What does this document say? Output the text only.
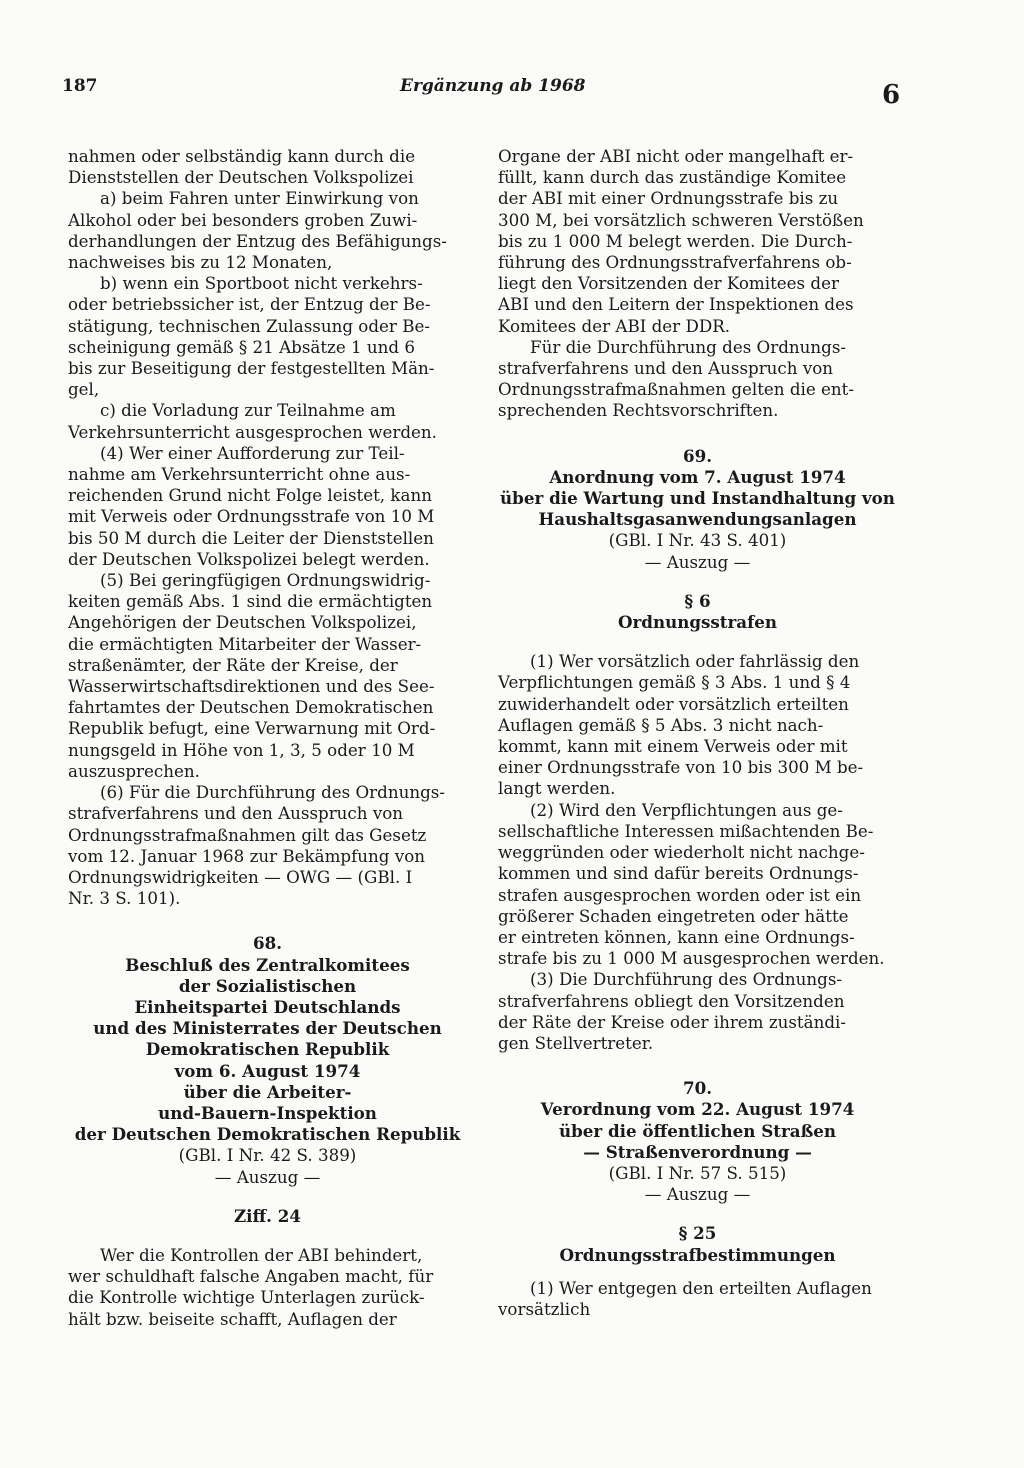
187	Ergänzung ab 1968	6

nahmen oder selbständig kann durch die
Dienststellen der Deutschen Volkspolizei

a) beim Fahren unter Einwirkung von
Alkohol oder bei besonders groben Zuwi-
derhandlungen der Entzug des Befähigungs-
nachweises bis zu 12 Monaten,

b) wenn ein Sportboot nicht verkehrs-
oder betriebssicher ist, der Entzug der Be-
stätigung, technischen Zulassung oder Be-
scheinigung gemäß § 21 Absätze 1 und 6
bis zur Beseitigung der festgestellten Män-
gel,

c) die Vorladung zur Teilnahme am
Verkehrsunterricht ausgesprochen werden.

(4) Wer einer Aufforderung zur Teil-
nahme am Verkehrsunterricht ohne aus-
reichenden Grund nicht Folge leistet, kann
mit Verweis oder Ordnungsstrafe von 10 M
bis 50 M durch die Leiter der Dienststellen
der Deutschen Volkspolizei belegt werden.

(5) Bei geringfügigen Ordnungswidrig-
keiten gemäß Abs. 1 sind die ermächtigten
Angehörigen der Deutschen Volkspolizei,
die ermächtigten Mitarbeiter der Wasser-
straßenämter, der Räte der Kreise, der
Wasserwirtschaftsdirektionen und des See-
fahrtamtes der Deutschen Demokratischen
Republik befugt, eine Verwarnung mit Ord-
nungsgeld in Höhe von 1, 3, 5 oder 10 M
auszusprechen.

(6) Für die Durchführung des Ordnungs-
strafverfahrens und den Ausspruch von
Ordnungsstrafmaßnahmen gilt das Gesetz
vom 12. Januar 1968 zur Bekämpfung von
Ordnungswidrigkeiten — OWG — (GBl. I
Nr. 3 S. 101).

68.
Beschluß des Zentralkomitees
der Sozialistischen
Einheitspartei Deutschlands
und des Ministerrates der Deutschen
Demokratischen Republik
vom 6. August 1974
über die Arbeiter-
und-Bauern-Inspektion
der Deutschen Demokratischen Republik
(GBl. I Nr. 42 S. 389)
— Auszug —
Ziff. 24

Wer die Kontrollen der ABI behindert,
wer schuldhaft falsche Angaben macht, für
die Kontrolle wichtige Unterlagen zurück-
hält bzw. beiseite schafft, Auflagen der

Organe der ABI nicht oder mangelhaft er-
füllt, kann durch das zuständige Komitee
der ABI mit einer Ordnungsstrafe bis zu
300 M, bei vorsätzlich schweren Verstößen
bis zu 1 000 M belegt werden. Die Durch-
führung des Ordnungsstrafverfahrens ob-
liegt den Vorsitzenden der Komitees der
ABI und den Leitern der Inspektionen des
Komitees der ABI der DDR.

Für die Durchführung des Ordnungs-
strafverfahrens und den Ausspruch von
Ordnungsstrafmaßnahmen gelten die ent-
sprechenden Rechtsvorschriften.

69.
Anordnung vom 7. August 1974
über die Wartung und Instandhaltung von
Haushaltsgasanwendungsanlagen
(GBl. I Nr. 43 S. 401)
— Auszug —
§ 6
Ordnungsstrafen

(1) Wer vorsätzlich oder fahrlässig den
Verpflichtungen gemäß § 3 Abs. 1 und § 4
zuwiderhandelt oder vorsätzlich erteilten
Auflagen gemäß § 5 Abs. 3 nicht nach-
kommt, kann mit einem Verweis oder mit
einer Ordnungsstrafe von 10 bis 300 M be-
langt werden.

(2) Wird den Verpflichtungen aus ge-
sellschaftliche Interessen mißachtenden Be-
weggründen oder wiederholt nicht nachge-
kommen und sind dafür bereits Ordnungs-
strafen ausgesprochen worden oder ist ein
größerer Schaden eingetreten oder hätte
er eintreten können, kann eine Ordnungs-
strafe bis zu 1 000 M ausgesprochen werden.

(3) Die Durchführung des Ordnungs-
strafverfahrens obliegt den Vorsitzenden
der Räte der Kreise oder ihrem zuständi-
gen Stellvertreter.

70.
Verordnung vom 22. August 1974
über die öffentlichen Straßen
— Straßenverordnung —
(GBl. I Nr. 57 S. 515)
— Auszug —
§ 25
Ordnungsstrafbestimmungen

(1) Wer entgegen den erteilten Auflagen
vorsätzlich
